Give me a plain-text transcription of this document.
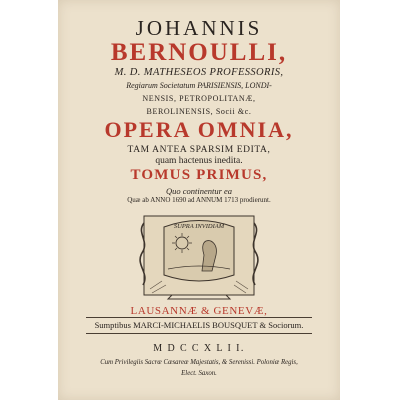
JOHANNIS
BERNOULLI,
M. D. MATHESEOS PROFESSORIS,
Regiarum Societatum PARISIENSIS, LONDI-
NENSIS, PETROPOLITANÆ,
BEROLINENSIS, Socii &c.
OPERA OMNIA,
TAM ANTEA SPARSIM EDITA,
quam hactenus inedita.
TOMUS PRIMUS,
Quo continentur ea
Quæ ab ANNO 1690 ad ANNUM 1713 prodierunt.
SUPRA INVIDIAM
LAUSANNÆ & GENEVÆ,
Sumptibus MARCI-MICHAELIS BOUSQUET & Sociorum.
M D C C X L I I.
Cum Privilegiis Sacræ Cæsareæ Majestatis, & Serenissi. Poloniæ Regis,
Elect. Saxon.
